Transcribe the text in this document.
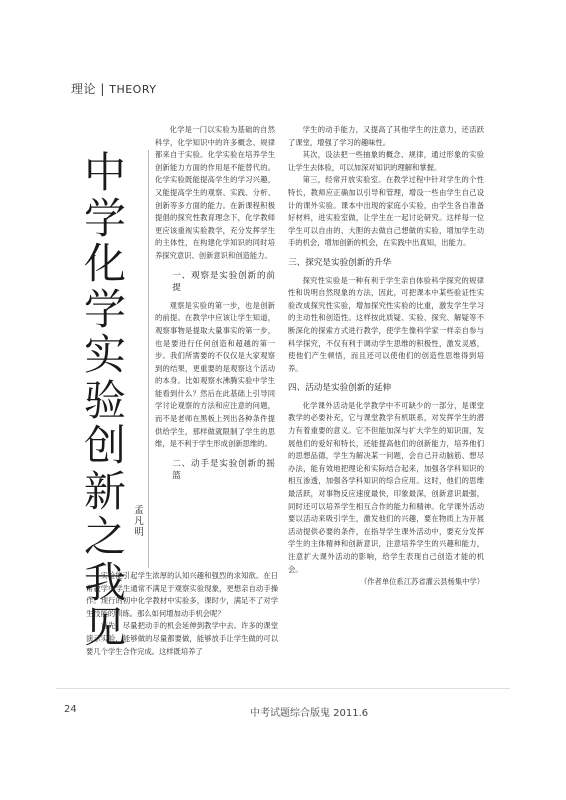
理论 | THEORY
中
学
化
学
实
验
创
新
之
我
见
孟
凡
明

化学是一门以实验为基础的自然科学，化学知识中的许多概念、规律都来自于实验。化学实验在培养学生创新能力方面的作用是不能替代的。化学实验既能提高学生的学习兴趣，又能提高学生的观察、实践、分析、创新等多方面的能力。在新课程积极提倡的探究性教育理念下，化学教师更应该重视实验教学，充分发挥学生的主体性，在构建化学知识的同时培养探究意识、创新意识和创造能力。

一、观察是实验创新的前提

观察是实验的第一步，也是创新的前提。在教学中应该让学生知道，观察事物是提取大量事实的第一步，也是要进行任何创造和超越的第一步。我们所需要的不仅仅是大家观察到的结果，更重要的是观察这个活动的本身。比如观察水沸腾实验中学生能看到什么？然后在此基础上引导同学讨论观察的方法和应注意的问题，而不是老师在黑板上列出各种条件提供给学生，那样做就限制了学生的思维，是不利于学生形成创新思维的。

二、动手是实验创新的摇篮

实验能引起学生浓厚的认知兴趣和强烈的求知欲。在日常教学中学生通常不满足于观察实验现象，更想亲自动手操作。现行的初中化学教材中实验多，课时少，满足不了对学生技能的训练。那么如何增加动手机会呢？

首先，尽量把动手的机会延伸到教学中去。许多的课堂演示实验，能够做的尽量都要做，能够放手让学生做的可以要几个学生合作完成。这样既培养了

学生的动手能力，又提高了其他学生的注意力，还活跃了课堂，增强了学习的趣味性。

其次，设法把一些抽象的概念、规律，通过形象的实验让学生去体验，可以加深对知识的理解和掌握。

第三，经常开放实验室。在教学过程中针对学生的个性特长，教师应正确加以引导和管理，增设一些由学生自己设计的课外实验。课本中出现的家庭小实验，由学生各自准备好材料，进实验室做，让学生在一起讨论研究。这样每一位学生可以自由的、大胆的去做自己想做的实验，增加学生动手的机会，增加创新的机会，在实践中出真知，出能力。

三、探究是实验创新的升华

探究性实验是一种有利于学生亲自体验科学探究的规律性和说明自然现象的方法，因此，可把课本中某些验证性实验改成探究性实验，增加探究性实验的比重，激发学生学习的主动性和创造性。这样按此质疑、实验、探究、解疑等不断深化的探索方式进行教学，使学生像科学家一样亲自参与科学探究，不仅有利于调动学生思维的积极性，激发灵感，使他们产生顿悟，而且还可以使他们的创造性思维得到培养。

四、活动是实验创新的延伸

化学课外活动是化学教学中不可缺少的一部分，是课堂教学的必要补充，它与课堂教学有机联系，对发挥学生的潜力有着重要的意义。它不但能加深与扩大学生的知识面，发展他们的爱好和特长，还能提高他们的创新能力，培养他们的思想品德，学生为解决某一问题，会自己开动脑筋、想尽办法，能有效地把理论和实际结合起来，加强各学科知识的相互渗透，加强各学科知识的综合应用。这时，他们的思维最活跃，对事物反应速度最快，印象最深，创新意识最强，同时还可以培养学生相互合作的能力和精神。化学课外活动要以活动来吸引学生，激发他们的兴趣，要在物质上为开展活动提供必要的条件，在指导学生课外活动中，要充分发挥学生的主体精神和创新意识，注意培养学生的兴趣和能力，注意扩大课外活动的影响，给学生表现自己创造才能的机会。

（作者单位系江苏省灌云县杨集中学）

24	中考试题综合版鬼 2011.6
